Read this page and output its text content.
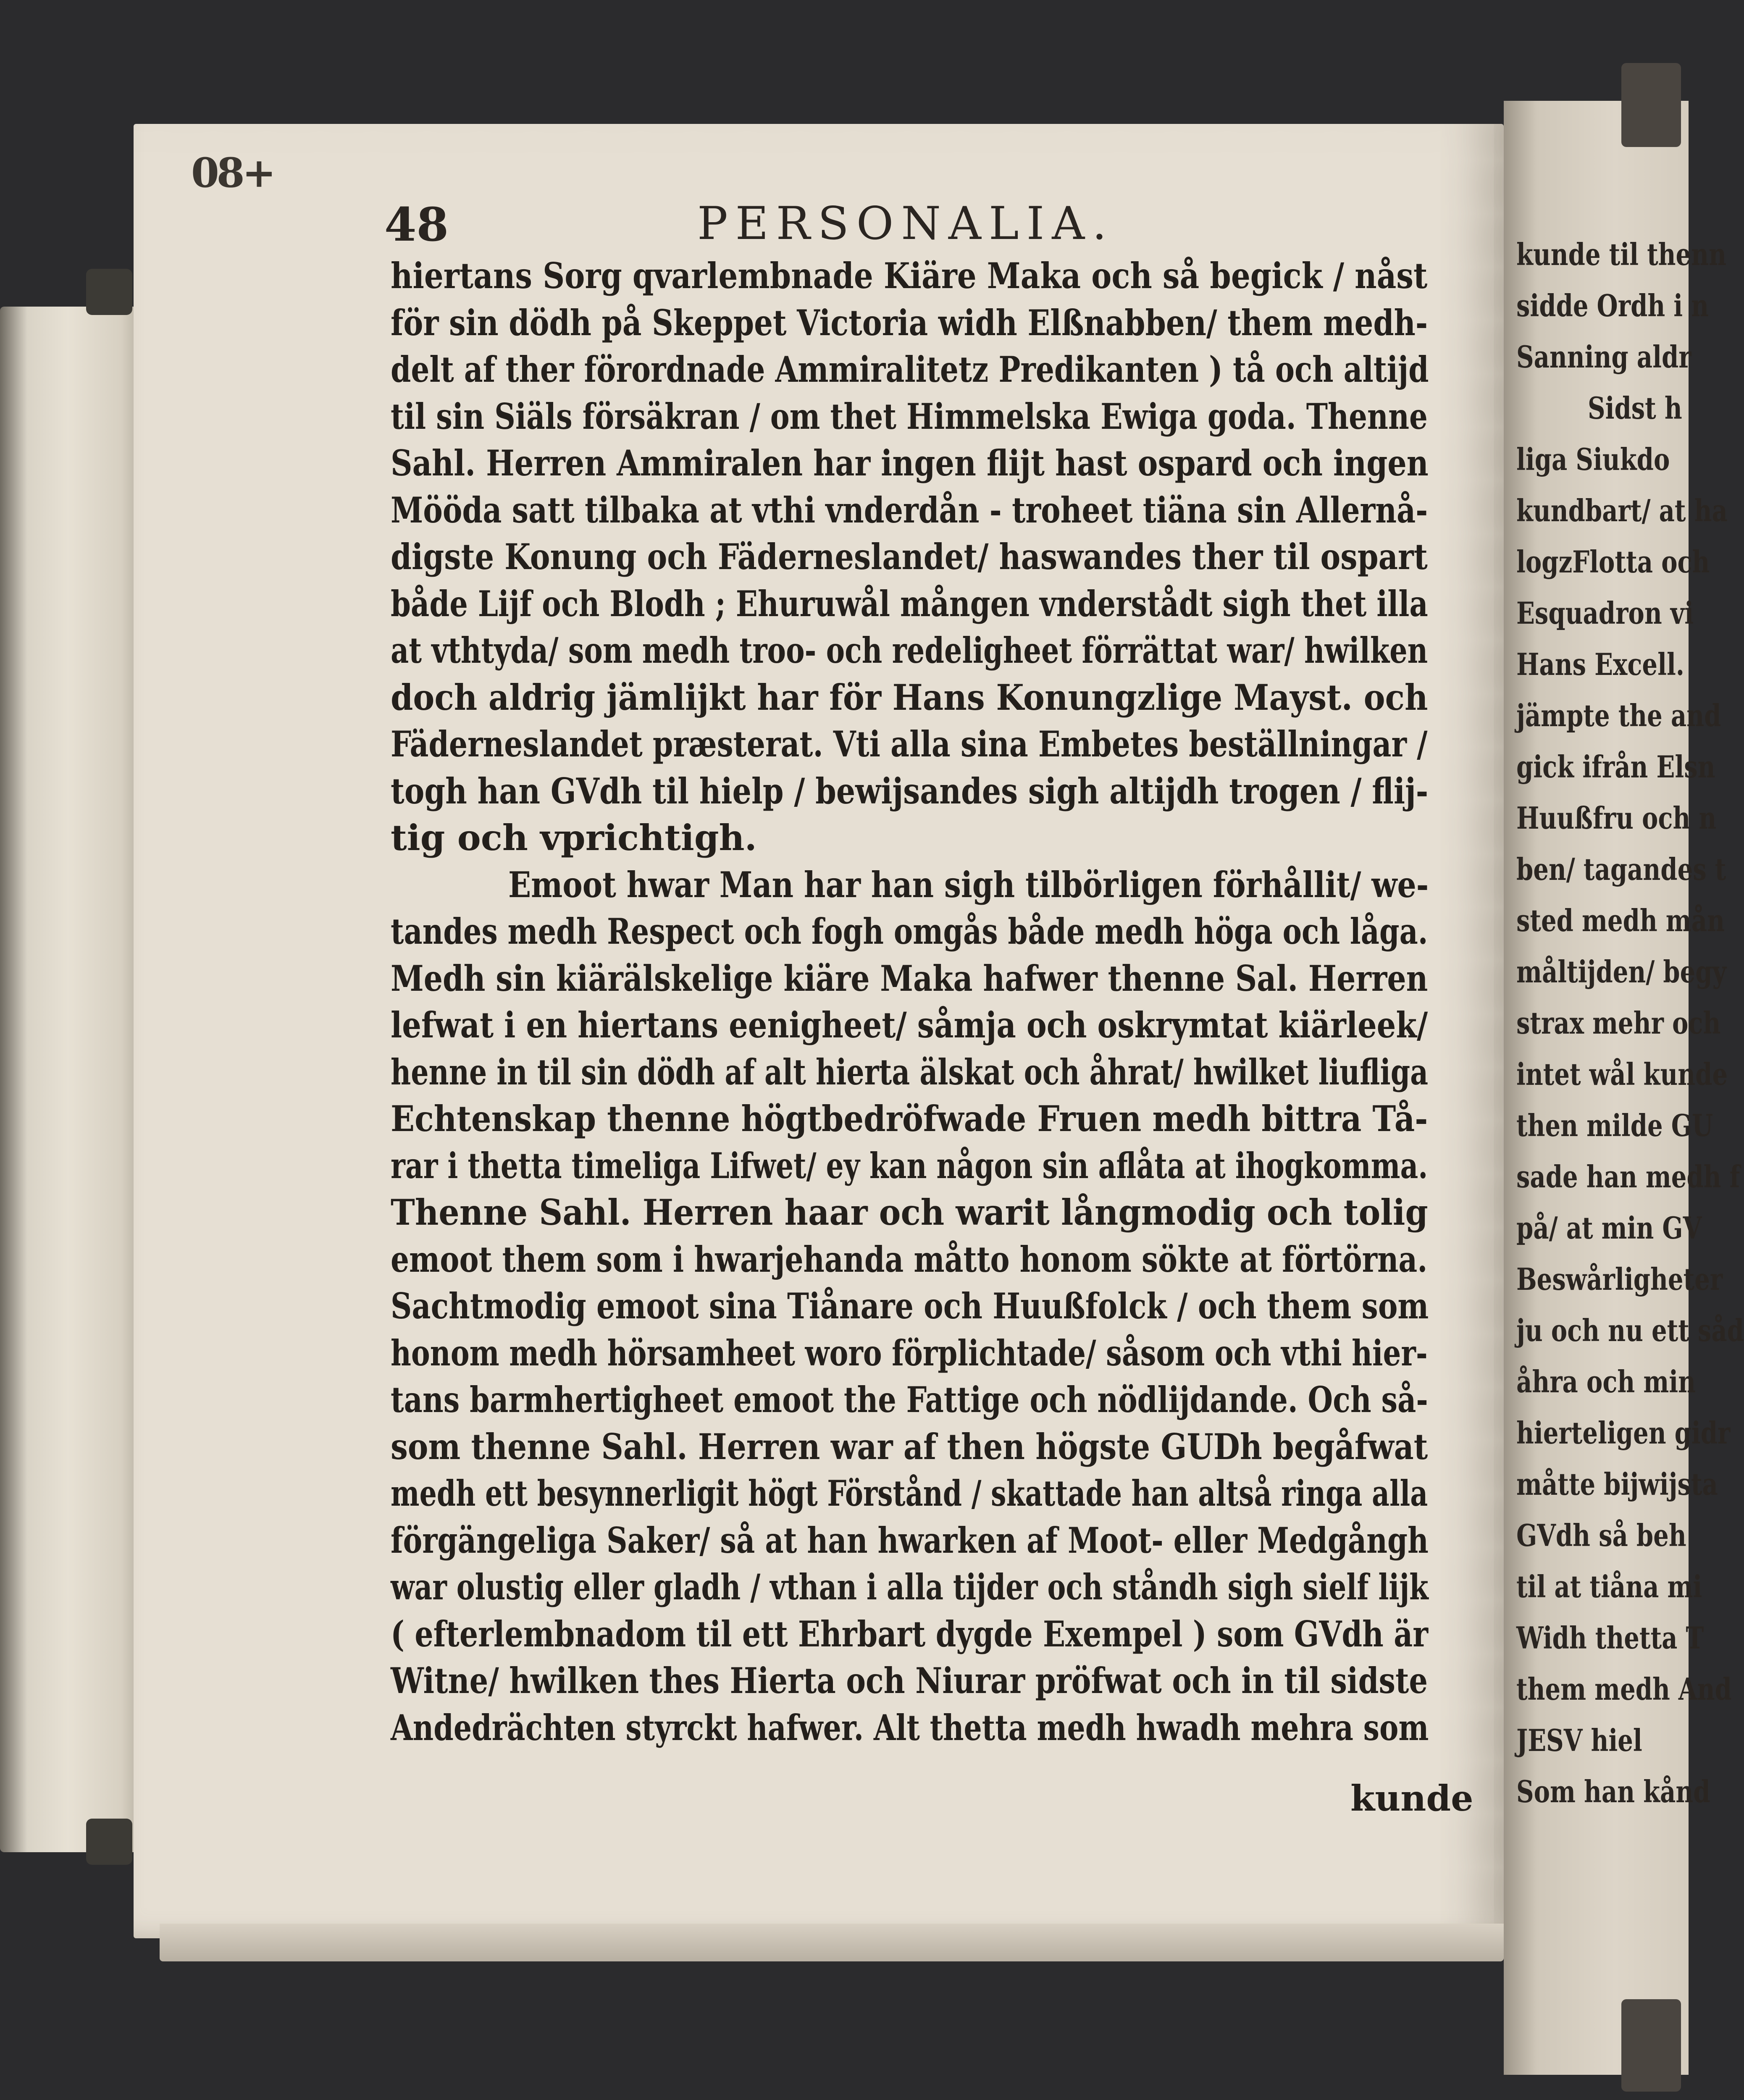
kunde til thenn
sidde Ordh i n
Sanning aldr
Sidst h
liga Siukdo
kundbart/ at ha
logzFlotta och
Esquadron vi
Hans Excell.
jämpte the and
gick ifrån Elsn
Huußfru och n
ben/ tagandes t
sted medh mån
måltijden/ begy
strax mehr och
intet wål kunde
then milde GU
sade han medh f
på/ at min GV
Beswårligheter
ju och nu ett såd
åhra och min
hierteligen gidr
måtte bijwijsta
GVdh så beh
til at tiåna mi
Widh thetta T
them medh And
JESV hiel
Som han kånd
08+
48	PERSONALIA.
hiertans Sorg qvarlembnade Kiäre Maka och så begick / nåst
för sin dödh på Skeppet Victoria widh Elßnabben/ them medh-
delt af ther förordnade Ammiralitetz Predikanten ) tå och altijd
til sin Siäls försäkran / om thet Himmelska Ewiga goda. Thenne
Sahl. Herren Ammiralen har ingen flijt hast ospard och ingen
Mööda satt tilbaka at vthi vnderdån - troheet tiäna sin Allernå-
digste Konung och Fäderneslandet/ haswandes ther til ospart
både Lijf och Blodh ; Ehuruwål mången vnderstådt sigh thet illa
at vthtyda/ som medh troo- och redeligheet förrättat war/ hwilken
doch aldrig jämlijkt har för Hans Konungzlige Mayst. och
Fäderneslandet præsterat. Vti alla sina Embetes beställningar /
togh han GVdh til hielp / bewijsandes sigh altijdh trogen / flij-
tig och vprichtigh.
Emoot hwar Man har han sigh tilbörligen förhållit/ we-
tandes medh Respect och fogh omgås både medh höga och låga.
Medh sin kiärälskelige kiäre Maka hafwer thenne Sal. Herren
lefwat i en hiertans eenigheet/ såmja och oskrymtat kiärleek/
henne in til sin dödh af alt hierta älskat och åhrat/ hwilket liufliga
Echtenskap thenne högtbedröfwade Fruen medh bittra Tå-
rar i thetta timeliga Lifwet/ ey kan någon sin aflåta at ihogkomma.
Thenne Sahl. Herren haar och warit långmodig och tolig
emoot them som i hwarjehanda måtto honom sökte at förtörna.
Sachtmodig emoot sina Tiånare och Huußfolck / och them som
honom medh hörsamheet woro förplichtade/ såsom och vthi hier-
tans barmhertigheet emoot the Fattige och nödlijdande. Och så-
som thenne Sahl. Herren war af then högste GUDh begåfwat
medh ett besynnerligit högt Förstånd / skattade han altså ringa alla
förgängeliga Saker/ så at han hwarken af Moot- eller Medgångh
war olustig eller gladh / vthan i alla tijder och ståndh sigh sielf lijk
( efterlembnadom til ett Ehrbart dygde Exempel ) som GVdh är
Witne/ hwilken thes Hierta och Niurar pröfwat och in til sidste
Andedrächten styrckt hafwer. Alt thetta medh hwadh mehra som
kunde
